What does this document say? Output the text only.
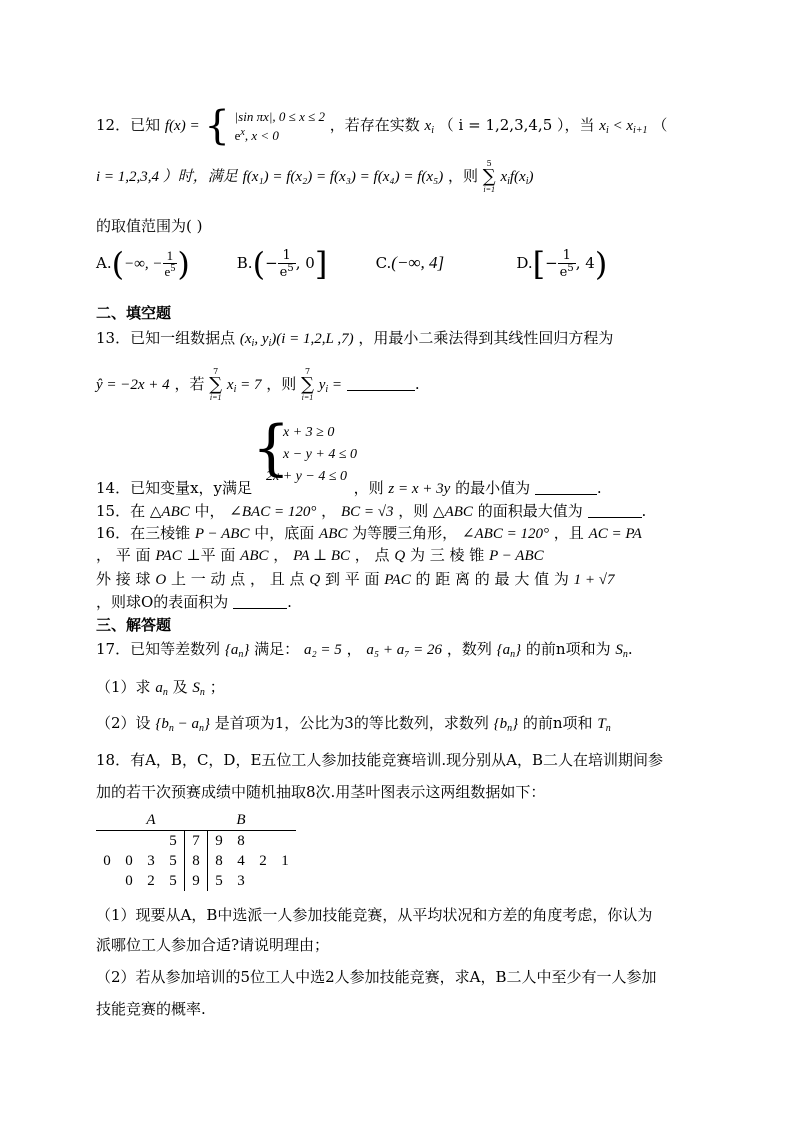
12．已知 f(x) = { |sin πx|, 0 ≤ x ≤ 2
$e^x$, x < 0
，若存在实数 $x_i$ （ i = 1,2,3,4,5 ），当 $x_i < x_{i+1}$ （
i = 1,2,3,4 ）时，满足 f(x₁) = f(x₂) = f(x₃) = f(x₄) = f(x₅) ，则
5
∑
i=1
$x_if(x_i)$
的取值范围为( )
A.(−∞, − $\frac{1}{e^5}$ )	$B.(- \frac{1}{e^5}$ , 0]	C.(−∞, 4]	$D.[- \frac{1}{e^5}$ , 4)
二、填空题
13．已知一组数据点 ($x_i$, $y_i)(i = 1,2,L$ ,7) ，用最小二乘法得到其线性回归方程为
ŷ = −2x + 4 ，若
7
∑
i=1
$x_i = 7$ ，则
7
∑
i=1
$y_i$ =	.
{
x + 3 ≥ 0
x − y + 4 ≤ 0
2x + y − 4 ≤ 0
14．已知变量x，y满足	，则 z = x + 3y 的最小值为	.
15．在 △ABC 中， ∠BAC = 120° ， BC = √3 ，则 △ABC 的面积最大值为	.
16．在三棱锥 P − ABC 中，底面 ABC 为等腰三角形， ∠ABC = 120° ，且 AC = PA
， 平 面 PAC ⊥平 面 ABC ， PA ⊥ BC ， 点 Q 为 三 棱 锥 P − ABC
外 接 球 O 上 一 动 点 ， 且 点 Q 到 平 面 PAC 的 距 离 的 最 大 值 为 1 + √7
，则球O的表面积为	.
三、解答题
17．已知等差数列 $\{a_n\}$ 满足： a₂ = 5 ， a₅ + a₇ = 26 ，数列 $\{a_n\}$ 的前n项和为 $S_n$.
（1）求 $a_n$ 及 $S_n$ ；
（2）设 $\{b_n - a_n\}$ 是首项为1，公比为3的等比数列，求数列 $\{b_n\}$ 的前n项和 $T_n$
18．有A，B，C，D，E五位工人参加技能竞赛培训.现分别从A，B二人在培训期间参
加的若干次预赛成绩中随机抽取8次.用茎叶图表示这两组数据如下：
		A				B		
			5	7	9	8		
0	0	3	5	8	8	4	2	1
	0	2	5	9	5	3		
（1）现要从A，B中选派一人参加技能竞赛，从平均状况和方差的角度考虑，你认为
派哪位工人参加合适?请说明理由；
（2）若从参加培训的5位工人中选2人参加技能竞赛，求A，B二人中至少有一人参加
技能竞赛的概率.
